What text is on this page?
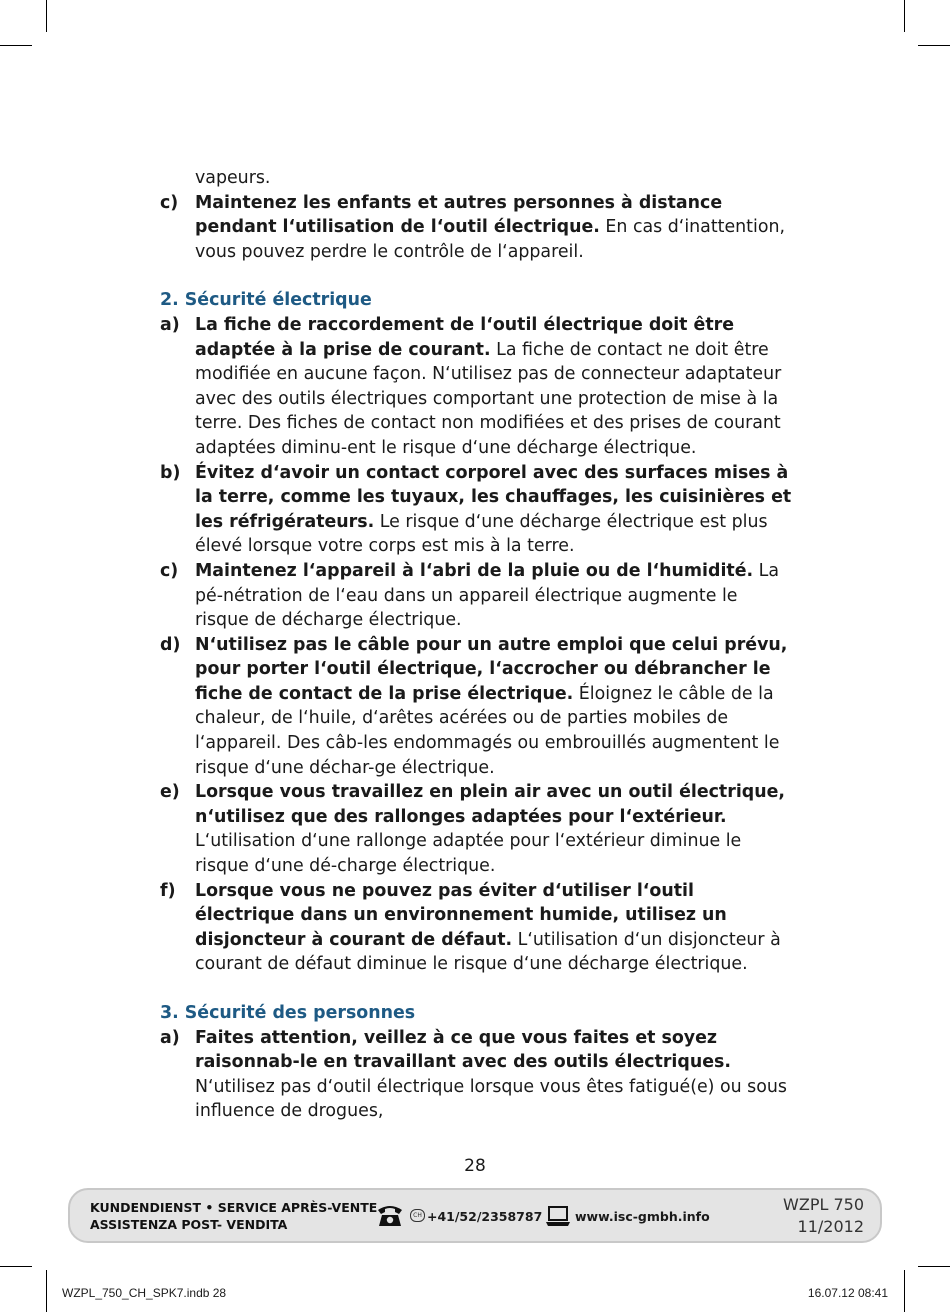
vapeurs.
c) Maintenez les enfants et autres personnes à distance pendant l‘utilisation de l‘outil électrique. En cas d‘inattention, vous pouvez perdre le contrôle de l‘appareil.
2. Sécurité électrique
a) La fiche de raccordement de l‘outil électrique doit être adaptée à la prise de courant. La fiche de contact ne doit être modifiée en aucune façon. N‘utilisez pas de connecteur adaptateur avec des outils électriques comportant une protection de mise à la terre. Des fiches de contact non modifiées et des prises de courant adaptées diminu-ent le risque d‘une décharge électrique.
b) Évitez d‘avoir un contact corporel avec des surfaces mises à la terre, comme les tuyaux, les chauffages, les cuisinières et les réfrigérateurs. Le risque d‘une décharge électrique est plus élevé lorsque votre corps est mis à la terre.
c) Maintenez l‘appareil à l‘abri de la pluie ou de l‘humidité. La pé-nétration de l‘eau dans un appareil électrique augmente le risque de décharge électrique.
d) N‘utilisez pas le câble pour un autre emploi que celui prévu, pour porter l‘outil électrique, l‘accrocher ou débrancher le fiche de contact de la prise électrique. Éloignez le câble de la chaleur, de l‘huile, d‘arêtes acérées ou de parties mobiles de l‘appareil. Des câb-les endommagés ou embrouillés augmentent le risque d‘une déchar-ge électrique.
e) Lorsque vous travaillez en plein air avec un outil électrique, n‘utilisez que des rallonges adaptées pour l‘extérieur. L‘utilisation d‘une rallonge adaptée pour l‘extérieur diminue le risque d‘une dé-charge électrique.
f)	Lorsque vous ne pouvez pas éviter d‘utiliser l‘outil électrique dans un environnement humide, utilisez un disjoncteur à courant de défaut. L‘utilisation d‘un disjoncteur à courant de défaut diminue le risque d‘une décharge électrique.
3. Sécurité des personnes
a) Faites attention, veillez à ce que vous faites et soyez raisonnab-le en travaillant avec des outils électriques. N‘utilisez pas d‘outil électrique lorsque vous êtes fatigué(e) ou sous influence de drogues,
28
KUNDENDIENST • SERVICE APRÈS-VENTE
ASSISTENZA POST- VENDITA
CH +41/52/2358787	www.isc-gmbh.info
WZPL 750
11/2012
WZPL_750_CH_SPK7.indb 28	16.07.12 08:41
